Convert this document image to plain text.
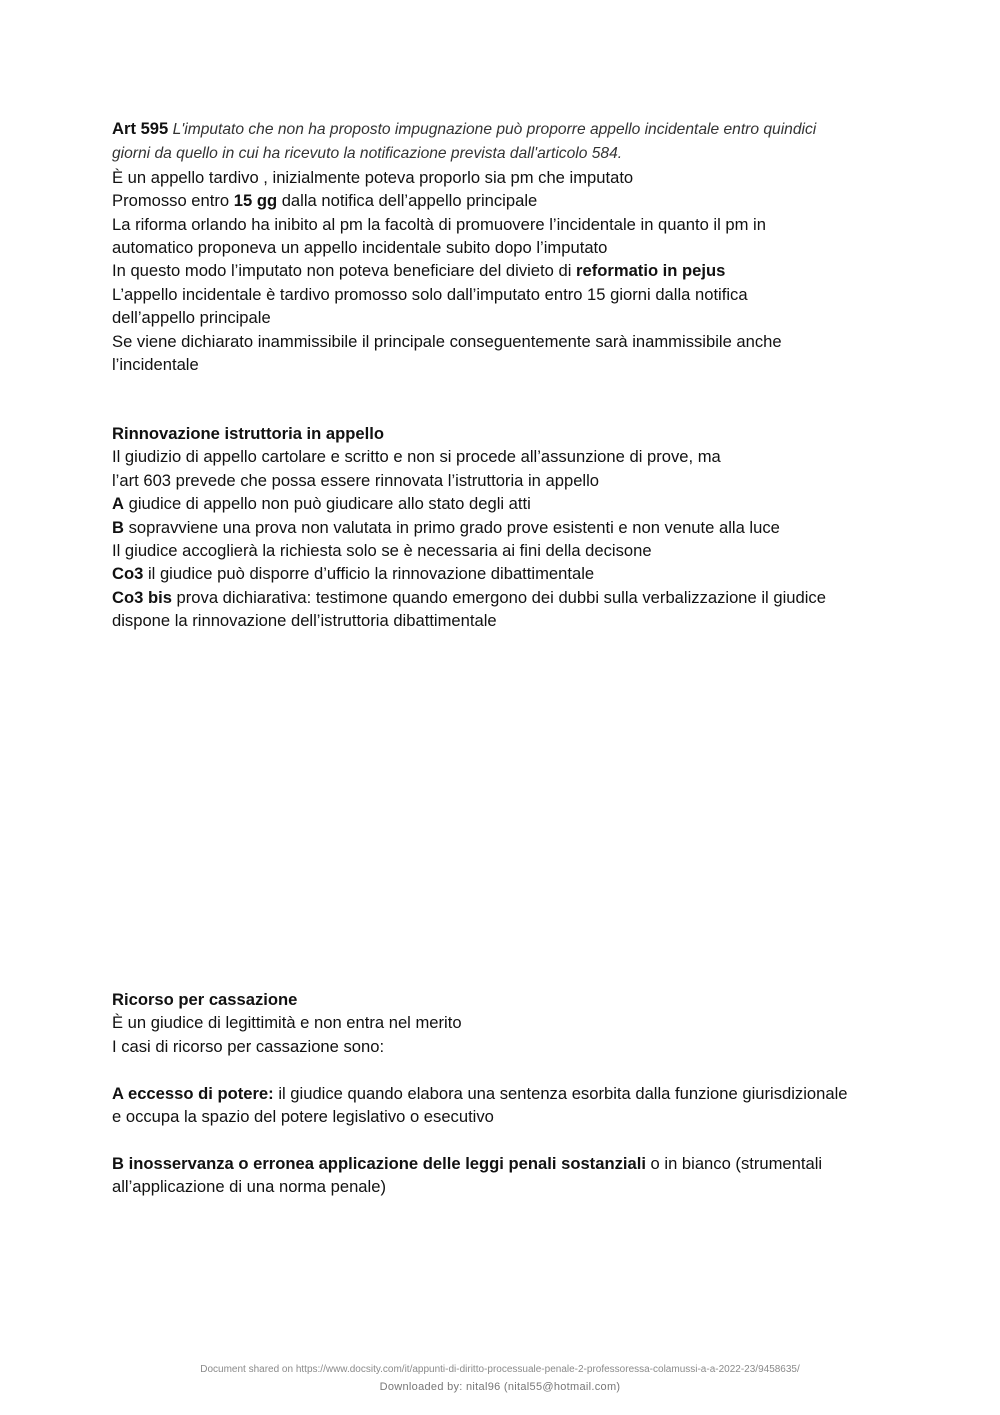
Art 595 L'imputato che non ha proposto impugnazione può proporre appello incidentale entro quindici

giorni da quello in cui ha ricevuto la notificazione prevista dall'articolo 584.

È un appello tardivo , inizialmente poteva proporlo sia pm che imputato

Promosso entro 15 gg dalla notifica dell’appello principale

La riforma orlando ha inibito al pm la facoltà di promuovere l’incidentale in quanto il pm in

automatico proponeva un appello incidentale subito dopo l’imputato

In questo modo l’imputato non poteva beneficiare del divieto di reformatio in pejus

L’appello incidentale è tardivo promosso solo dall’imputato entro 15 giorni dalla notifica

dell’appello principale

Se viene dichiarato inammissibile il principale conseguentemente sarà inammissibile anche

l’incidentale

Rinnovazione istruttoria in appello

Il giudizio di appello cartolare e scritto e non si procede all’assunzione di prove, ma

l’art 603 prevede che possa essere rinnovata l’istruttoria in appello

A giudice di appello non può giudicare allo stato degli atti

B sopravviene una prova non valutata in primo grado prove esistenti e non venute alla luce

Il giudice accoglierà la richiesta solo se è necessaria ai fini della decisone

Co3 il giudice può disporre d’ufficio la rinnovazione dibattimentale

Co3 bis prova dichiarativa: testimone quando emergono dei dubbi sulla verbalizzazione il giudice

dispone la rinnovazione dell’istruttoria dibattimentale

Ricorso per cassazione

È un giudice di legittimità e non entra nel merito

I casi di ricorso per cassazione sono:

A eccesso di potere: il giudice quando elabora una sentenza esorbita dalla funzione giurisdizionale

e occupa la spazio del potere legislativo o esecutivo

B inosservanza o erronea applicazione delle leggi penali sostanziali o in bianco (strumentali

all’applicazione di una norma penale)

Document shared on https://www.docsity.com/it/appunti-di-diritto-processuale-penale-2-professoressa-colamussi-a-a-2022-23/9458635/
Downloaded by: nital96 (nital55@hotmail.com)
